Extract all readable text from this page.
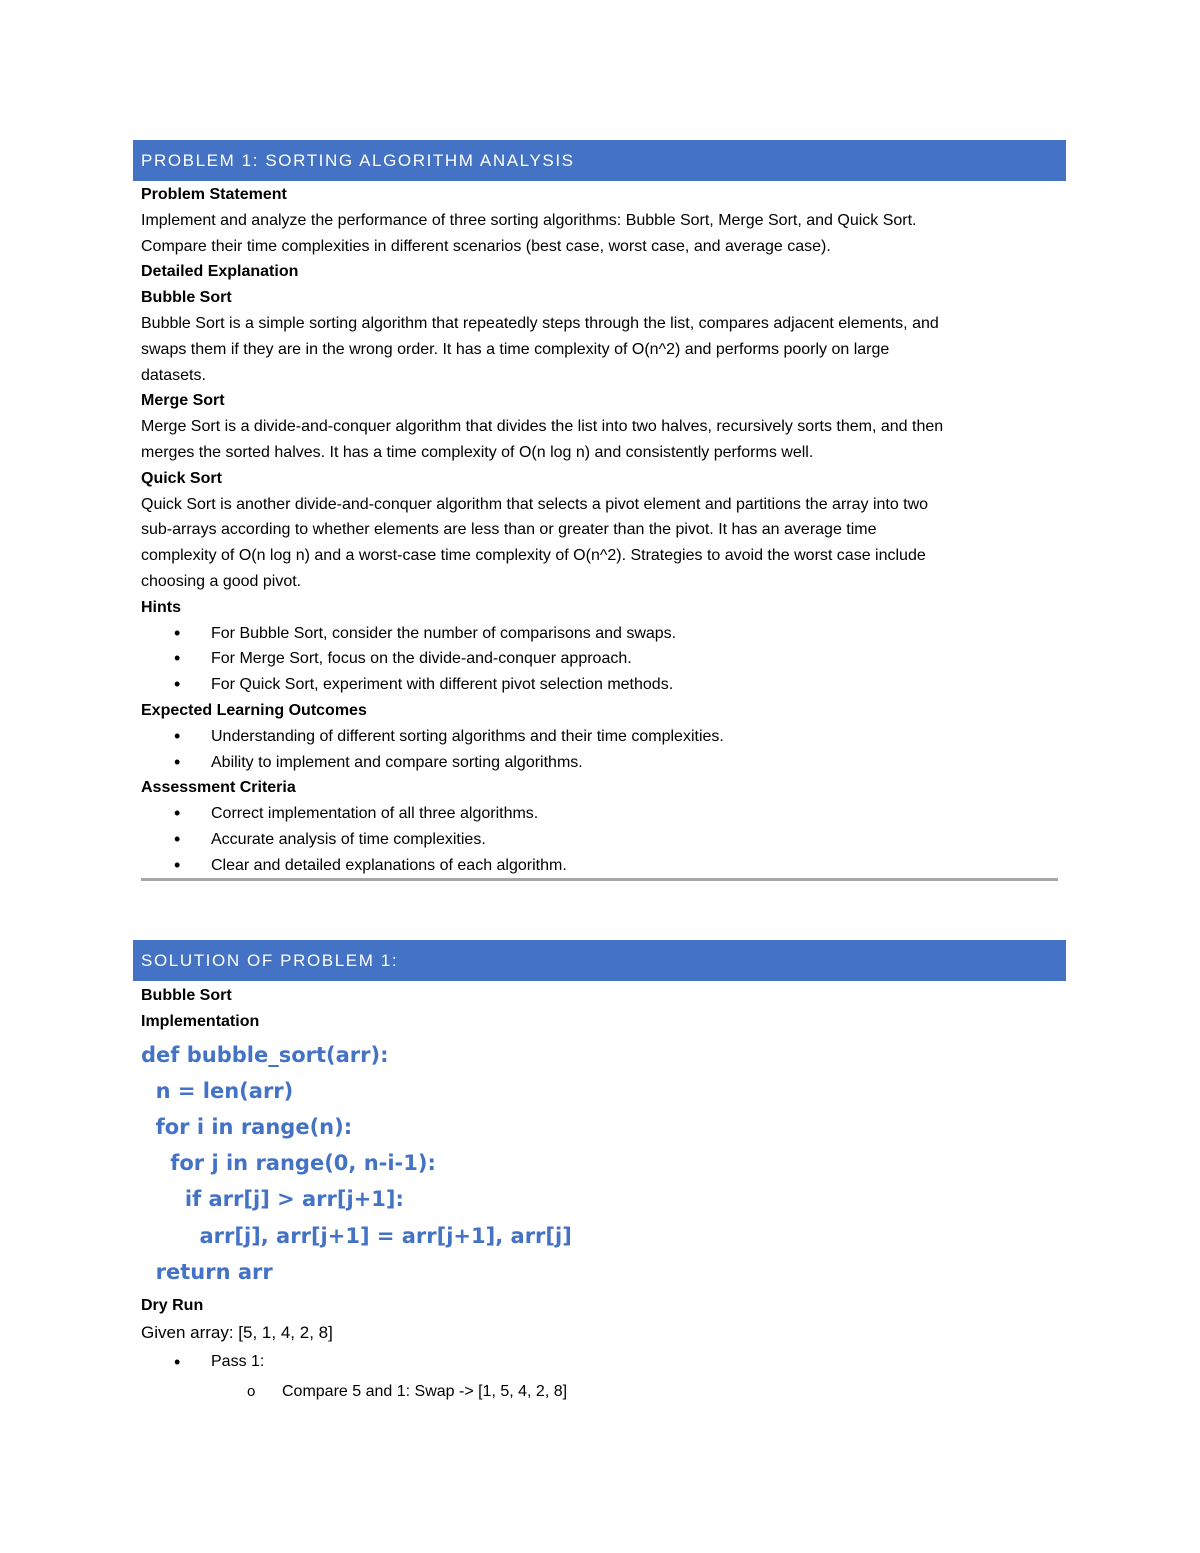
PROBLEM 1: SORTING ALGORITHM ANALYSIS
Problem Statement
Implement and analyze the performance of three sorting algorithms: Bubble Sort, Merge Sort, and Quick Sort.
Compare their time complexities in different scenarios (best case, worst case, and average case).
Detailed Explanation
Bubble Sort
Bubble Sort is a simple sorting algorithm that repeatedly steps through the list, compares adjacent elements, and
swaps them if they are in the wrong order. It has a time complexity of O(n^2) and performs poorly on large
datasets.
Merge Sort
Merge Sort is a divide-and-conquer algorithm that divides the list into two halves, recursively sorts them, and then
merges the sorted halves. It has a time complexity of O(n log n) and consistently performs well.
Quick Sort
Quick Sort is another divide-and-conquer algorithm that selects a pivot element and partitions the array into two
sub-arrays according to whether elements are less than or greater than the pivot. It has an average time
complexity of O(n log n) and a worst-case time complexity of O(n^2). Strategies to avoid the worst case include
choosing a good pivot.
Hints
• For Bubble Sort, consider the number of comparisons and swaps.
• For Merge Sort, focus on the divide-and-conquer approach.
• For Quick Sort, experiment with different pivot selection methods.
Expected Learning Outcomes
• Understanding of different sorting algorithms and their time complexities.
• Ability to implement and compare sorting algorithms.
Assessment Criteria
• Correct implementation of all three algorithms.
• Accurate analysis of time complexities.
• Clear and detailed explanations of each algorithm.
SOLUTION OF PROBLEM 1:
Bubble Sort
Implementation
def bubble_sort(arr):
n = len(arr)
for i in range(n):
for j in range(0, n-i-1):
if arr[j] > arr[j+1]:
arr[j], arr[j+1] = arr[j+1], arr[j]
return arr
Dry Run
Given array: [5, 1, 4, 2, 8]
• Pass 1:
o Compare 5 and 1: Swap -> [1, 5, 4, 2, 8]
